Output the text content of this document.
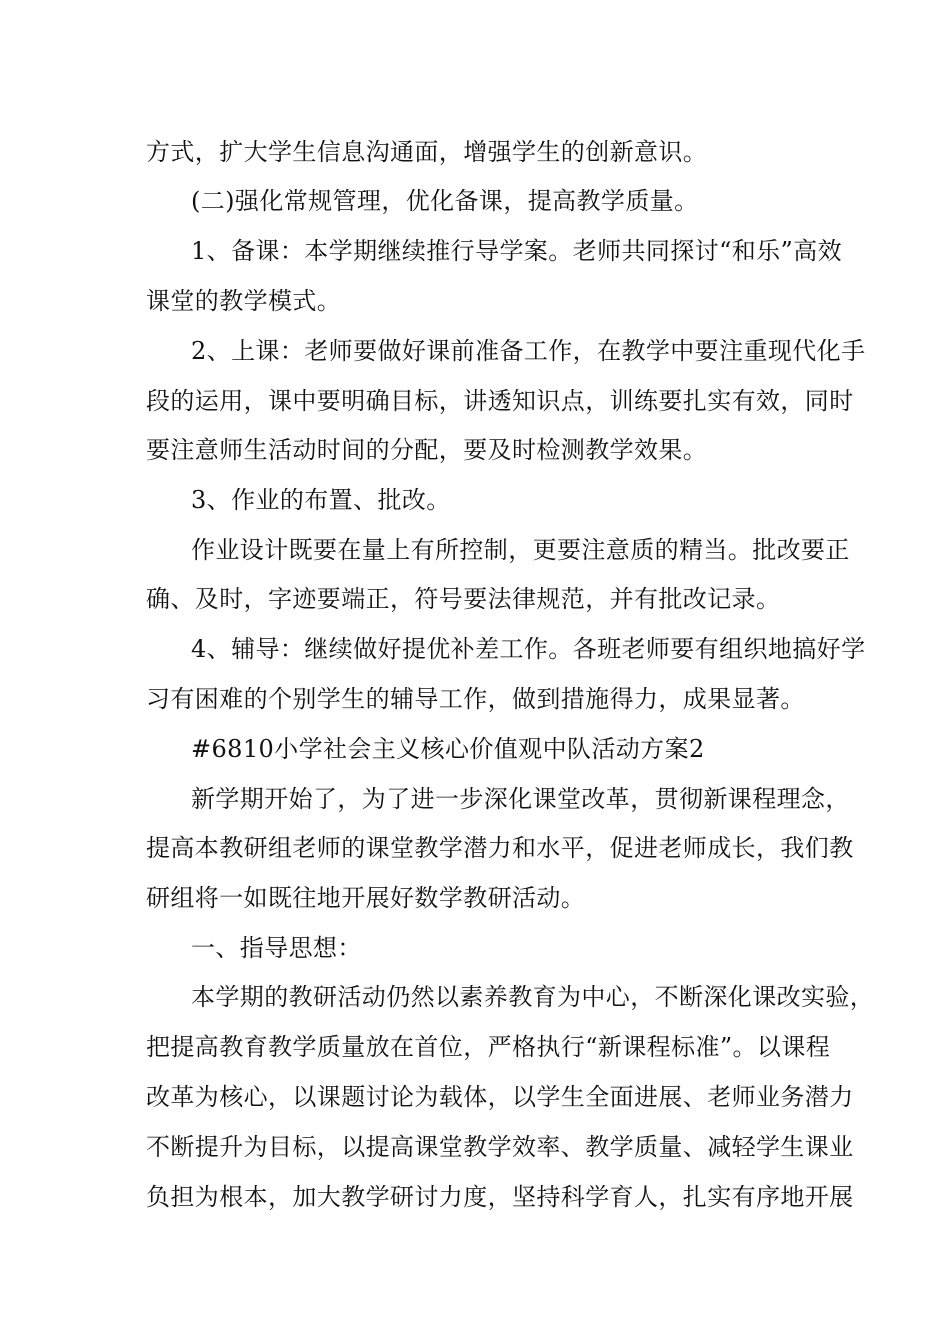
方式，扩大学生信息沟通面，增强学生的创新意识。
(二)强化常规管理，优化备课，提高教学质量。
1、备课：本学期继续推行导学案。老师共同探讨“和乐”高效
课堂的教学模式。
2、上课：老师要做好课前准备工作，在教学中要注重现代化手
段的运用，课中要明确目标，讲透知识点，训练要扎实有效，同时
要注意师生活动时间的分配，要及时检测教学效果。
3、作业的布置、批改。
作业设计既要在量上有所控制，更要注意质的精当。批改要正
确、及时，字迹要端正，符号要法律规范，并有批改记录。
4、辅导：继续做好提优补差工作。各班老师要有组织地搞好学
习有困难的个别学生的辅导工作，做到措施得力，成果显著。
#6810小学社会主义核心价值观中队活动方案2
新学期开始了，为了进一步深化课堂改革，贯彻新课程理念，
提高本教研组老师的课堂教学潜力和水平，促进老师成长，我们教
研组将一如既往地开展好数学教研活动。
一、指导思想：
本学期的教研活动仍然以素养教育为中心，不断深化课改实验，
把提高教育教学质量放在首位，严格执行“新课程标准”。以课程
改革为核心，以课题讨论为载体，以学生全面进展、老师业务潜力
不断提升为目标，以提高课堂教学效率、教学质量、减轻学生课业
负担为根本，加大教学研讨力度，坚持科学育人，扎实有序地开展
